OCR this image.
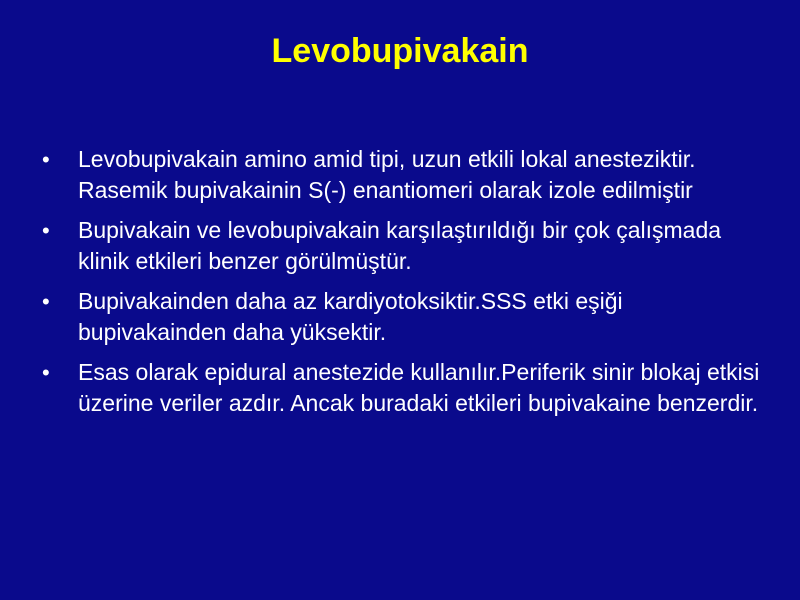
Levobupivakain
•	Levobupivakain amino amid tipi, uzun etkili lokal anesteziktir. Rasemik bupivakainin S(-) enantiomeri olarak izole edilmiştir
•	Bupivakain ve levobupivakain karşılaştırıldığı bir çok çalışmada klinik etkileri benzer görülmüştür.
•	Bupivakainden daha az kardiyotoksiktir.SSS etki eşiği bupivakainden daha yüksektir.
•	Esas olarak epidural anestezide kullanılır.Periferik sinir blokaj etkisi üzerine veriler azdır. Ancak buradaki etkileri bupivakaine benzerdir.
